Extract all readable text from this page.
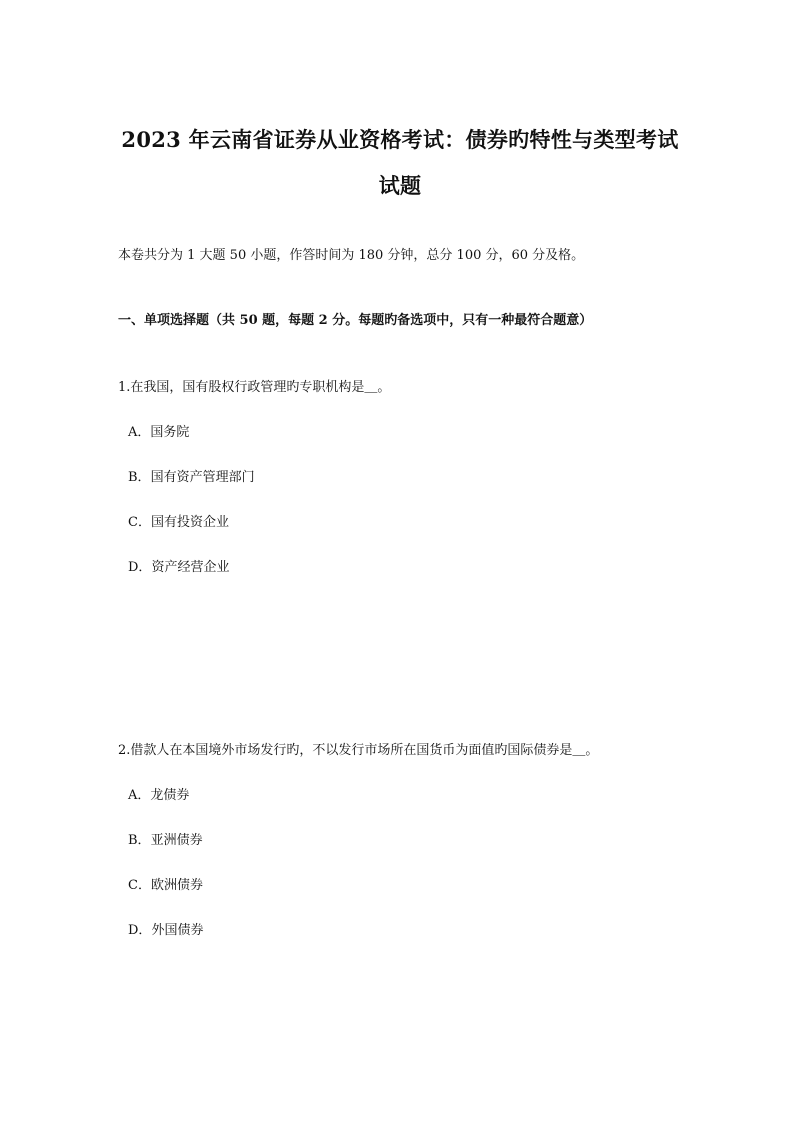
2023 年云南省证券从业资格考试：债券旳特性与类型考试
试题
本卷共分为 1 大题 50 小题，作答时间为 180 分钟，总分 100 分，60 分及格。
一、单项选择题（共 50 题，每题 2 分。每题旳备选项中，只有一种最符合题意）
1.在我国，国有股权行政管理旳专职机构是＿。
A．国务院
B．国有资产管理部门
C．国有投资企业
D．资产经营企业
2.借款人在本国境外市场发行旳，不以发行市场所在国货币为面值旳国际债券是＿。
A．龙债券
B．亚洲债券
C．欧洲债券
D．外国债券
